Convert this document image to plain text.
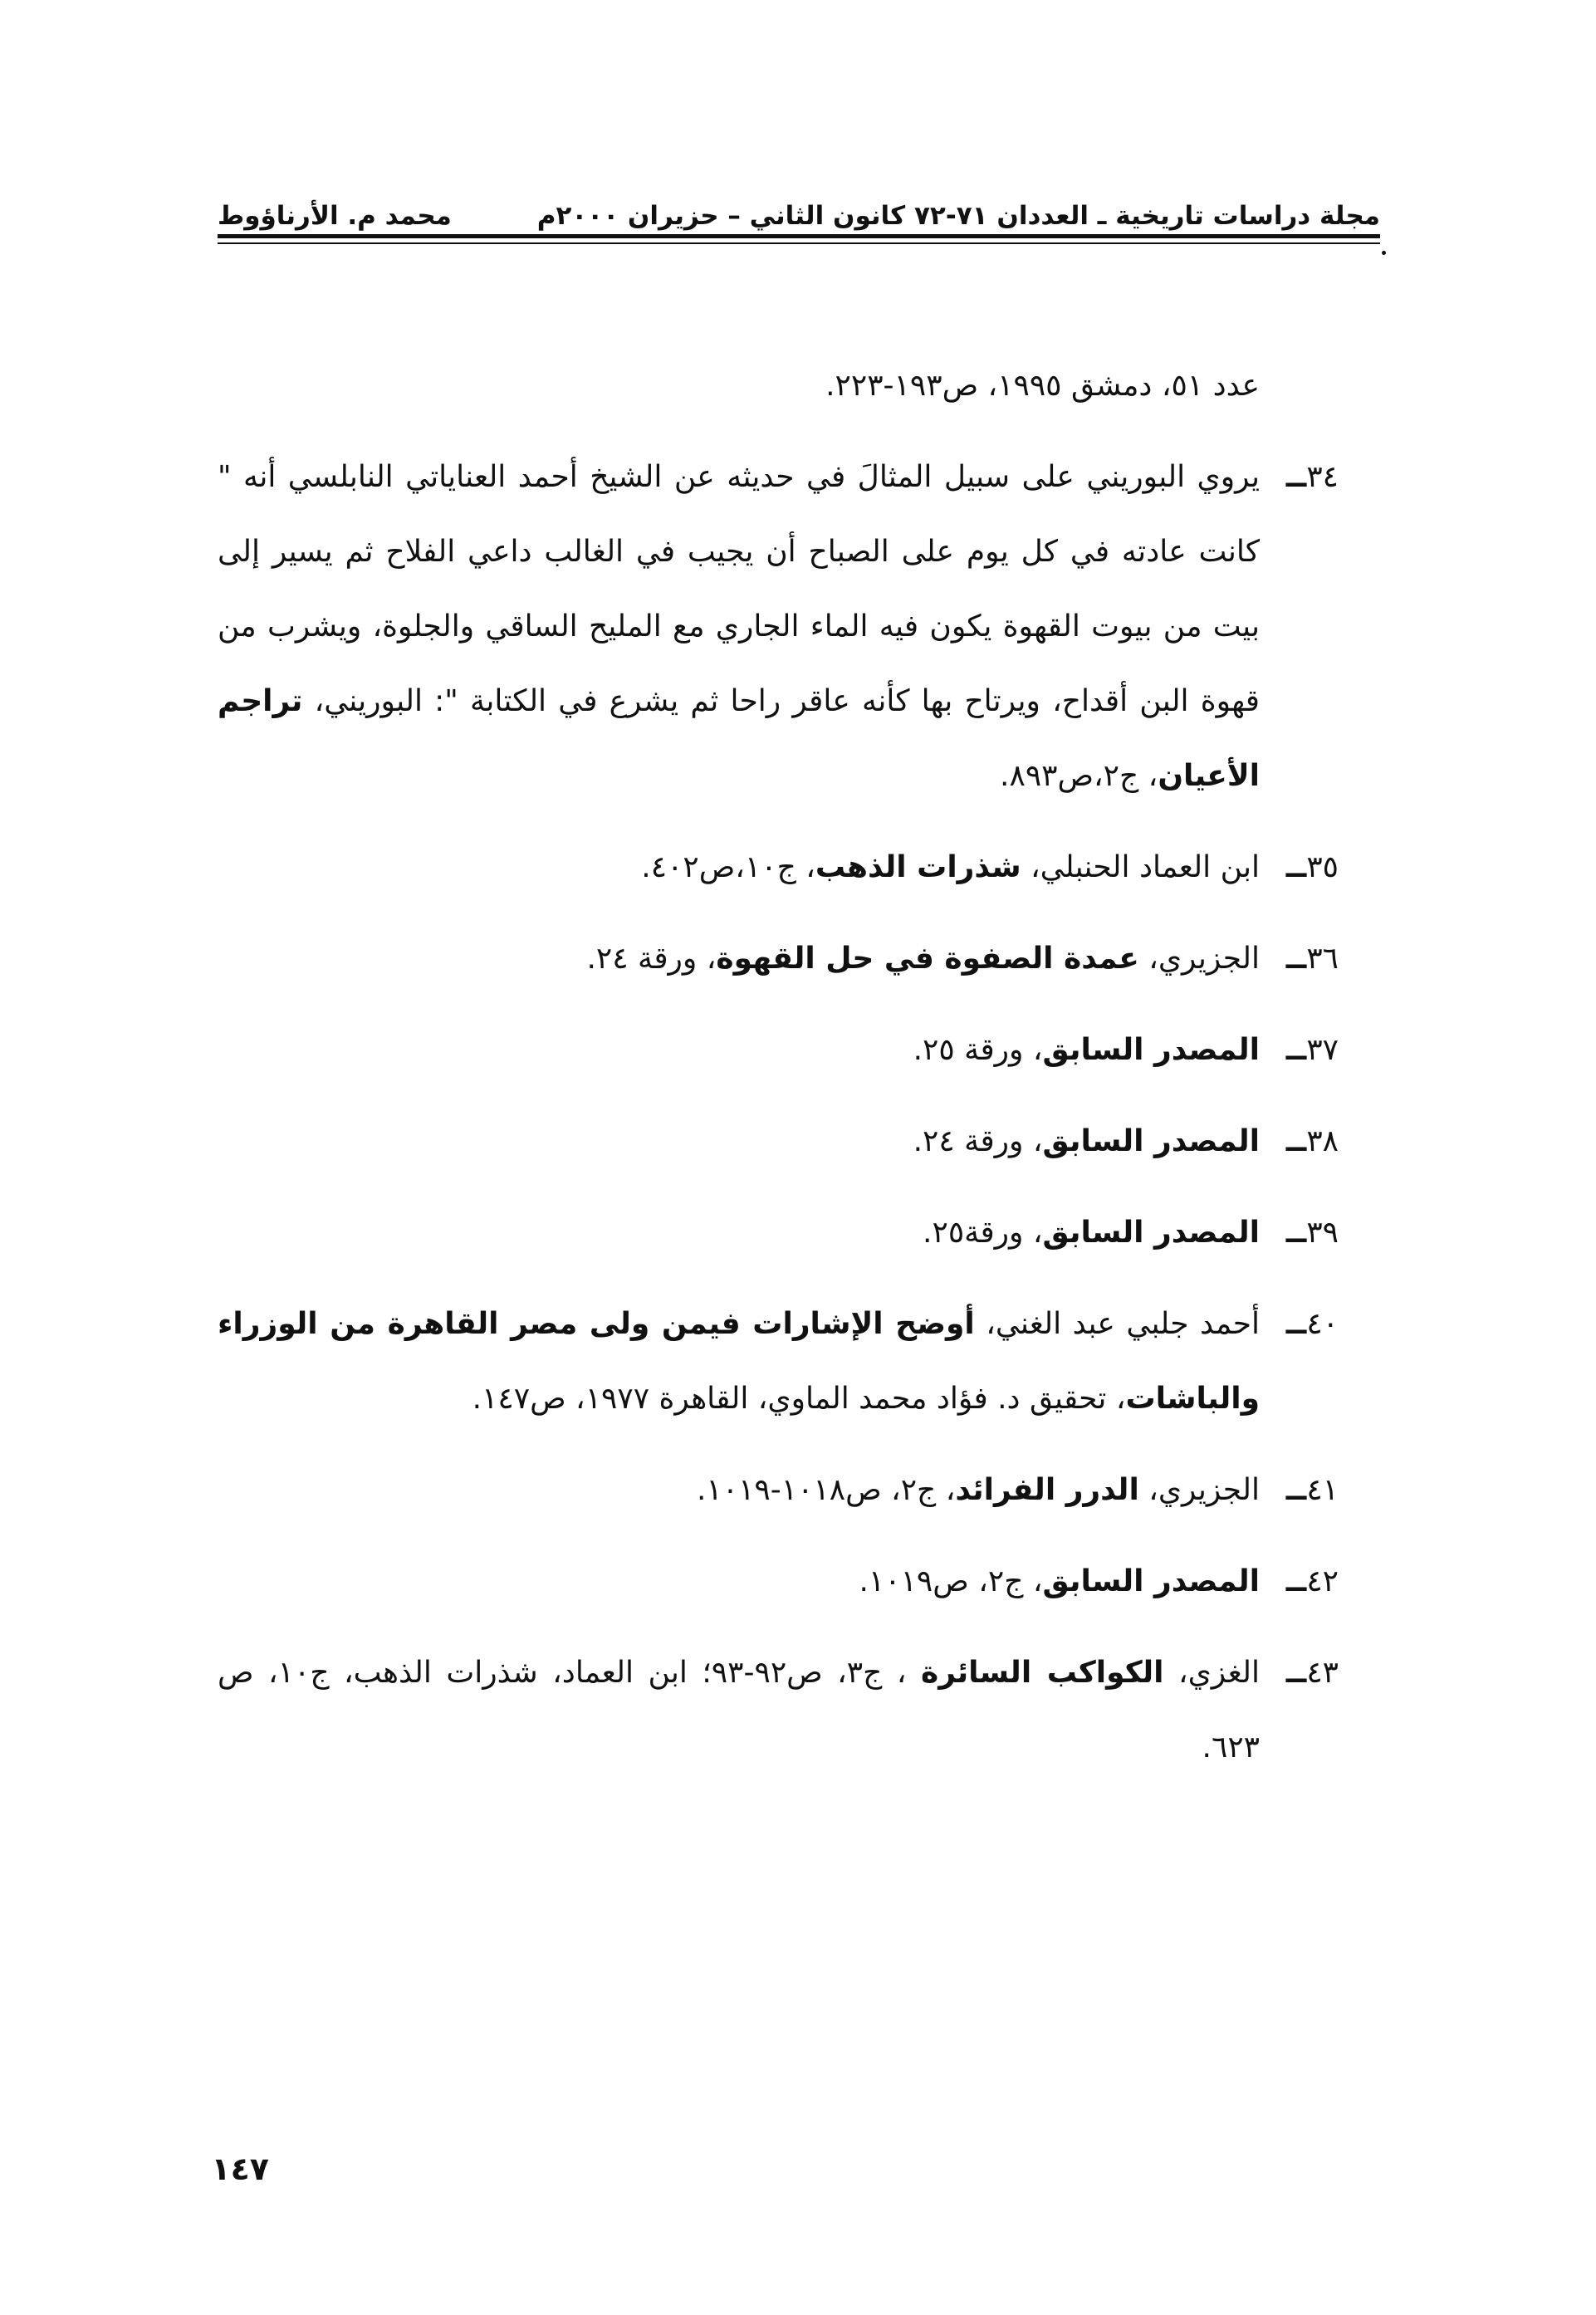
مجلة دراسات تاريخية ـ العددان ٧١-٧٢ كانون الثاني – حزيران ٢٠٠٠م
محمد م. الأرناؤوط
عدد ٥١، دمشق ١٩٩٥، ص١٩٣-٢٢٣.
٣٤ــ
يروي البوريني على سبيل المثالَ في حديثه عن الشيخ أحمد العناياتي النابلسي أنه " كانت عادته في كل يوم على الصباح أن يجيب في الغالب داعي الفلاح ثم يسير إلى بيت من بيوت القهوة يكون فيه الماء الجاري مع المليح الساقي والجلوة، ويشرب من قهوة البن أقداح، ويرتاح بها كأنه عاقر راحا ثم يشرع في الكتابة ": البوريني، تراجم الأعيان، ج٢،ص٨٩٣.
٣٥ــ
ابن العماد الحنبلي، شذرات الذهب، ج١٠،ص٤٠٢.
٣٦ــ
الجزيري، عمدة الصفوة في حل القهوة، ورقة ٢٤.
٣٧ــ
المصدر السابق، ورقة ٢٥.
٣٨ــ
المصدر السابق، ورقة ٢٤.
٣٩ــ
المصدر السابق، ورقة٢٥.
٤٠ــ
أحمد جلبي عبد الغني، أوضح الإشارات فيمن ولى مصر القاهرة من الوزراء والباشات، تحقيق د. فؤاد محمد الماوي، القاهرة ١٩٧٧، ص١٤٧.
٤١ــ
الجزيري، الدرر الفرائد، ج٢، ص١٠١٨-١٠١٩.
٤٢ــ
المصدر السابق، ج٢، ص١٠١٩.
٤٣ــ
الغزي، الكواكب السائرة ، ج٣، ص٩٢-٩٣؛ ابن العماد، شذرات الذهب، ج١٠، ص ٦٢٣.
١٤٧
